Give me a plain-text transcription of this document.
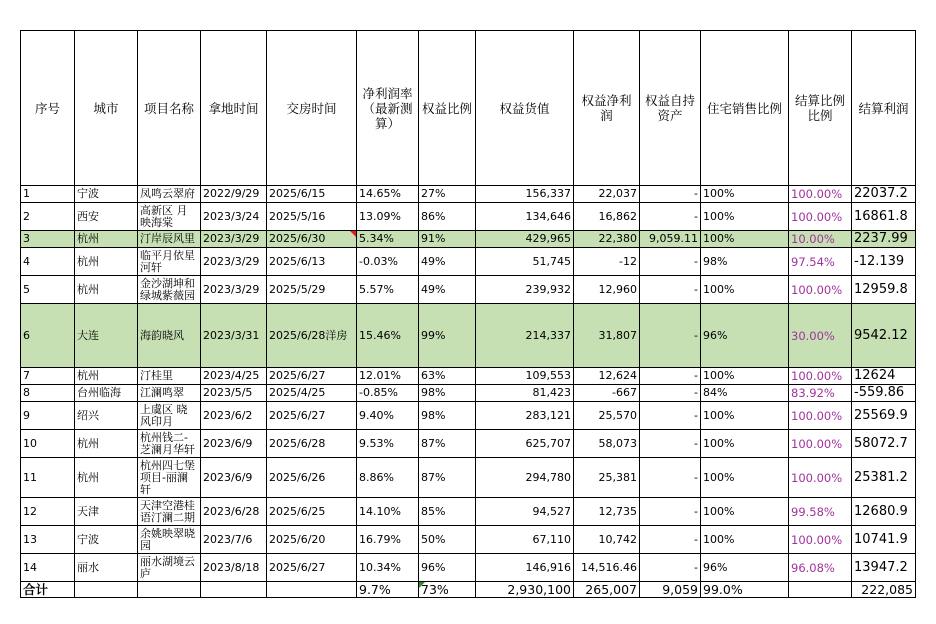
序号	城市	项目名称	拿地时间	交房时间	净利润率（最新测算）	权益比例	权益货值	权益净利润	权益自持资产	住宅销售比例	结算比例比例	结算利润
1	宁波	凤鸣云翠府	2022/9/29	2025/6/15	14.65%	27%	156,337	22,037	-	100%	100.00%	22037.2
2	西安	高新区 月映海棠	2023/3/24	2025/5/16	13.09%	86%	134,646	16,862	-	100%	100.00%	16861.8
3	杭州	汀岸辰风里	2023/3/29	2025/6/30	5.34%	91%	429,965	22,380	9,059.11	100%	10.00%	2237.99
4	杭州	临平月依星河轩	2023/3/29	2025/6/13	-0.03%	49%	51,745	-12	-	98%	97.54%	-12.139
5	杭州	金沙湖坤和绿城紫薇园	2023/3/29	2025/5/29	5.57%	49%	239,932	12,960	-	100%	100.00%	12959.8
6	大连	海韵晓风	2023/3/31	2025/6/28洋房	15.46%	99%	214,337	31,807	-	96%	30.00%	9542.12
7	杭州	汀桂里	2023/4/25	2025/6/27	12.01%	63%	109,553	12,624	-	100%	100.00%	12624
8	台州临海	江澜鸣翠	2023/5/5	2025/4/25	-0.85%	98%	81,423	-667	-	84%	83.92%	-559.86
9	绍兴	上虞区 晓风印月	2023/6/2	2025/6/27	9.40%	98%	283,121	25,570	-	100%	100.00%	25569.9
10	杭州	杭州钱二-芝澜月华轩	2023/6/9	2025/6/28	9.53%	87%	625,707	58,073	-	100%	100.00%	58072.7
11	杭州	杭州四七堡项目-丽澜轩	2023/6/9	2025/6/26	8.86%	87%	294,780	25,381	-	100%	100.00%	25381.2
12	天津	天津空港桂语汀澜二期	2023/6/28	2025/6/25	14.10%	85%	94,527	12,735	-	100%	99.58%	12680.9
13	宁波	余姚映翠晓园	2023/7/6	2025/6/20	16.79%	50%	67,110	10,742	-	100%	100.00%	10741.9
14	丽水	丽水湖境云庐	2023/8/18	2025/6/27	10.34%	96%	146,916	14,516.46	-	96%	96.08%	13947.2
合计					9.7%	73%	2,930,100	265,007	9,059	99.0%		222,085
